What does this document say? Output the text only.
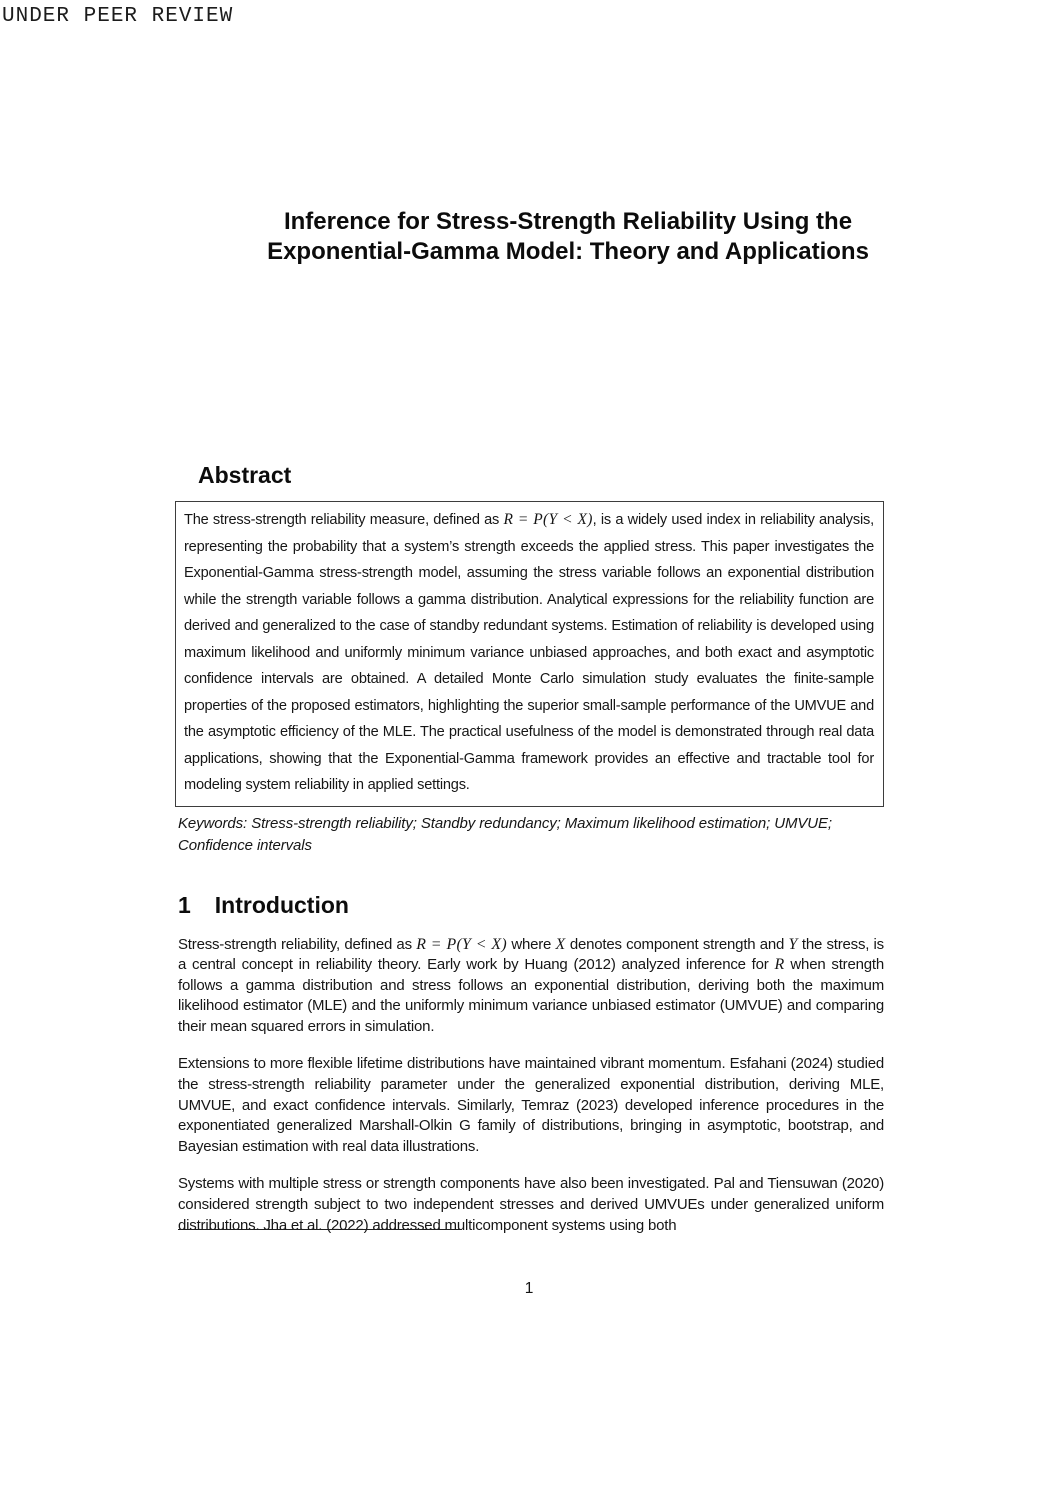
UNDER PEER REVIEW
Inference for Stress-Strength Reliability Using the
Exponential-Gamma Model: Theory and Applications
Abstract

The stress-strength reliability measure, defined as R = P(Y < X), is a widely used index in reliability analysis, representing the probability that a system’s strength exceeds the applied stress. This paper investigates the Exponential-Gamma stress-strength model, assuming the stress variable follows an exponential distribution while the strength variable follows a gamma distribution. Analytical expressions for the reliability function are derived and generalized to the case of standby redundant systems. Estimation of reliability is developed using maximum likelihood and uniformly minimum variance unbiased approaches, and both exact and asymptotic confidence intervals are obtained. A detailed Monte Carlo simulation study evaluates the finite-sample properties of the proposed estimators, highlighting the superior small-sample performance of the UMVUE and the asymptotic efficiency of the MLE. The practical usefulness of the model is demonstrated through real data applications, showing that the Exponential-Gamma framework provides an effective and tractable tool for modeling system reliability in applied settings.

Keywords: Stress-strength reliability; Standby redundancy; Maximum likelihood estimation; UMVUE; Confidence intervals

1 Introduction

Stress-strength reliability, defined as R = P(Y < X) where X denotes component strength and Y the stress, is a central concept in reliability theory. Early work by Huang (2012) analyzed inference for R when strength follows a gamma distribution and stress follows an exponential distribution, deriving both the maximum likelihood estimator (MLE) and the uniformly minimum variance unbiased estimator (UMVUE) and comparing their mean squared errors in simulation.

Extensions to more flexible lifetime distributions have maintained vibrant momentum. Esfahani (2024) studied the stress-strength reliability parameter under the generalized exponential distribution, deriving MLE, UMVUE, and exact confidence intervals. Similarly, Temraz (2023) developed inference procedures in the exponentiated generalized Marshall-Olkin G family of distributions, bringing in asymptotic, bootstrap, and Bayesian estimation with real data illustrations.

Systems with multiple stress or strength components have also been investigated. Pal and Tiensuwan (2020) considered strength subject to two independent stresses and derived UMVUEs under generalized uniform distributions. Jha et al. (2022) addressed multicomponent systems using both

1
